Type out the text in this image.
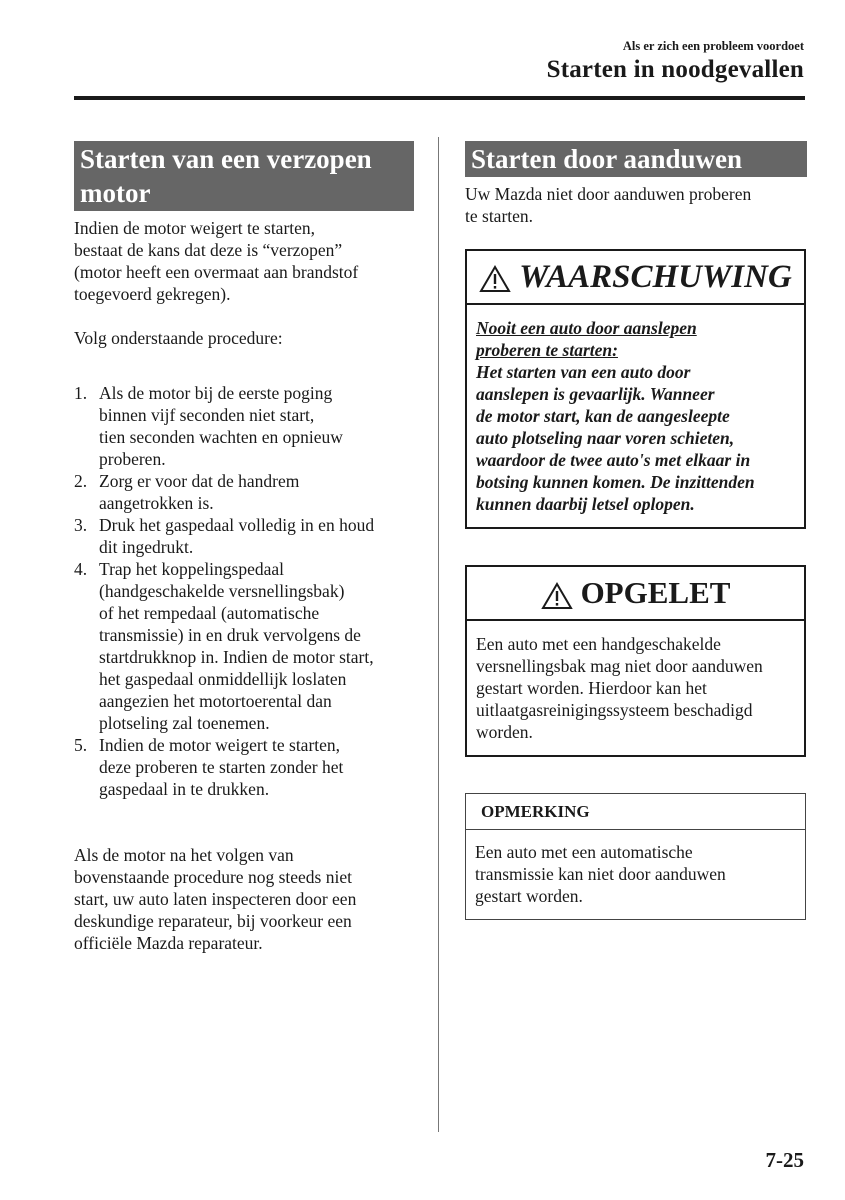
Als er zich een probleem voordoet
Starten in noodgevallen
Starten van een verzopen
motor
Indien de motor weigert te starten,
bestaat de kans dat deze is “verzopen”
(motor heeft een overmaat aan brandstof
toegevoerd gekregen).
Volg onderstaande procedure:
1. Als de motor bij de eerste poging
binnen vijf seconden niet start,
tien seconden wachten en opnieuw
proberen.
2. Zorg er voor dat de handrem
aangetrokken is.
3. Druk het gaspedaal volledig in en houd
dit ingedrukt.
4. Trap het koppelingspedaal
(handgeschakelde versnellingsbak)
of het rempedaal (automatische
transmissie) in en druk vervolgens de
startdrukknop in. Indien de motor start,
het gaspedaal onmiddellijk loslaten
aangezien het motortoerental dan
plotseling zal toenemen.
5. Indien de motor weigert te starten,
deze proberen te starten zonder het
gaspedaal in te drukken.
Als de motor na het volgen van
bovenstaande procedure nog steeds niet
start, uw auto laten inspecteren door een
deskundige reparateur, bij voorkeur een
officiële Mazda reparateur.
Starten door aanduwen
Uw Mazda niet door aanduwen proberen
te starten.
WAARSCHUWING
Nooit een auto door aanslepen
proberen te starten:
Het starten van een auto door
aanslepen is gevaarlijk. Wanneer
de motor start, kan de aangesleepte
auto plotseling naar voren schieten,
waardoor de twee auto's met elkaar in
botsing kunnen komen. De inzittenden
kunnen daarbij letsel oplopen.
OPGELET
Een auto met een handgeschakelde
versnellingsbak mag niet door aanduwen
gestart worden. Hierdoor kan het
uitlaatgasreinigingssysteem beschadigd
worden.
OPMERKING
Een auto met een automatische
transmissie kan niet door aanduwen
gestart worden.
7-25
